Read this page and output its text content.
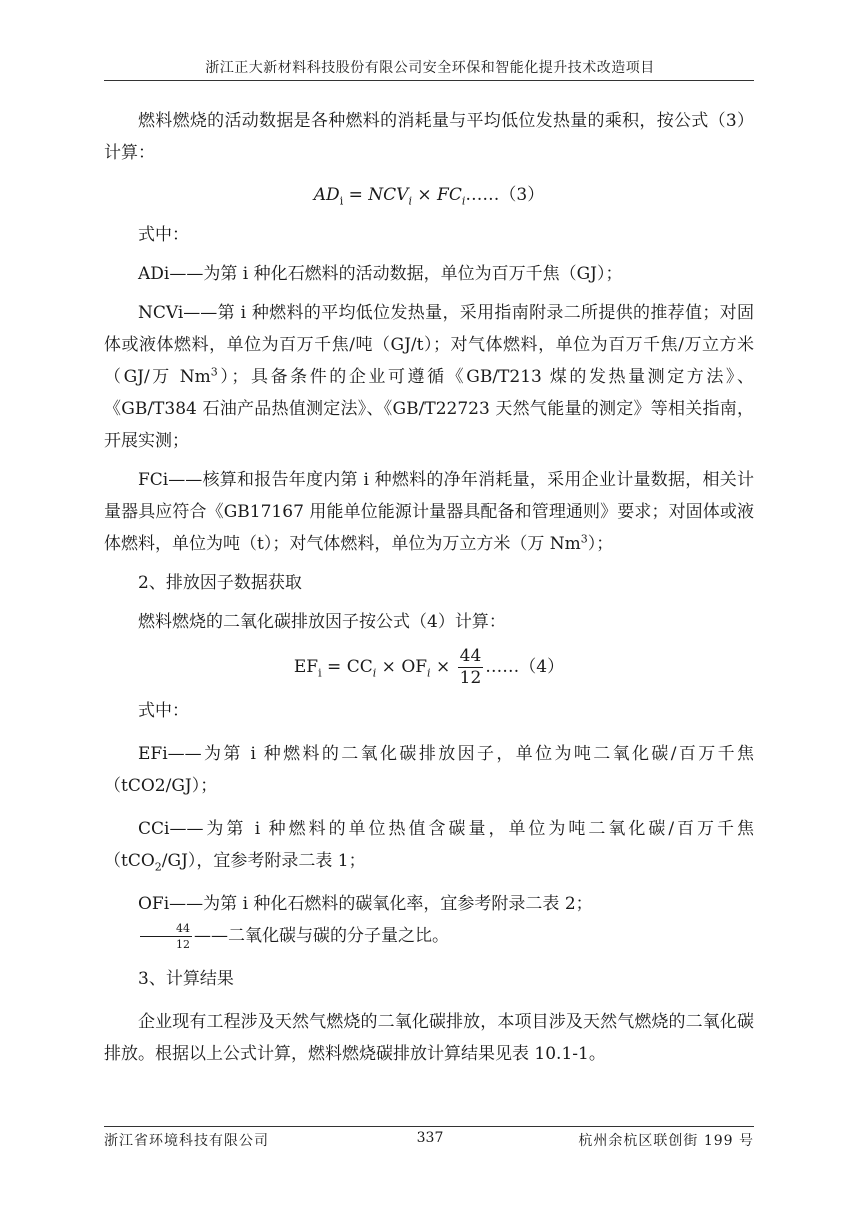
浙江正大新材料科技股份有限公司安全环保和智能化提升技术改造项目

燃料燃烧的活动数据是各种燃料的消耗量与平均低位发热量的乘积，按公式（3）计算：

$AD_i = NCV_i$ × $FC_i\dots\dots(3)$

式中：

ADi——为第 i 种化石燃料的活动数据，单位为百万千焦（GJ）；

NCVi——第 i 种燃料的平均低位发热量，采用指南附录二所提供的推荐值；对固体或液体燃料，单位为百万千焦/吨（GJ/t）；对气体燃料，单位为百万千焦/万立方米（GJ/万 Nm$^3$）；具备条件的企业可遵循《GB/T213 煤的发热量测定方法》、《GB/T384 石油产品热值测定法》、《GB/T22723 天然气能量的测定》等相关指南，开展实测；

FCi——核算和报告年度内第 i 种燃料的净年消耗量，采用企业计量数据，相关计量器具应符合《GB17167 用能单位能源计量器具配备和管理通则》要求；对固体或液体燃料，单位为吨（t）；对气体燃料，单位为万立方米（万 Nm$^3$）；

2、排放因子数据获取

燃料燃烧的二氧化碳排放因子按公式（4）计算：

$EF_i = CC_i \times OF_i \times \frac{44}{12}$ ……（4）

式中：

EFi——为第 i 种燃料的二氧化碳排放因子，单位为吨二氧化碳/百万千焦（tCO2/GJ）；

CCi——为第 i 种燃料的单位热值含碳量，单位为吨二氧化碳/百万千焦（tCO$_2$/GJ），宜参考附录二表 1；

OFi——为第 i 种化石燃料的碳氧化率，宜参考附录二表 2；

$\frac{44}{12}$ ——二氧化碳与碳的分子量之比。

3、计算结果

企业现有工程涉及天然气燃烧的二氧化碳排放，本项目涉及天然气燃烧的二氧化碳排放。根据以上公式计算，燃料燃烧碳排放计算结果见表 10.1-1。

浙江省环境科技有限公司	337	杭州余杭区联创街 199 号
